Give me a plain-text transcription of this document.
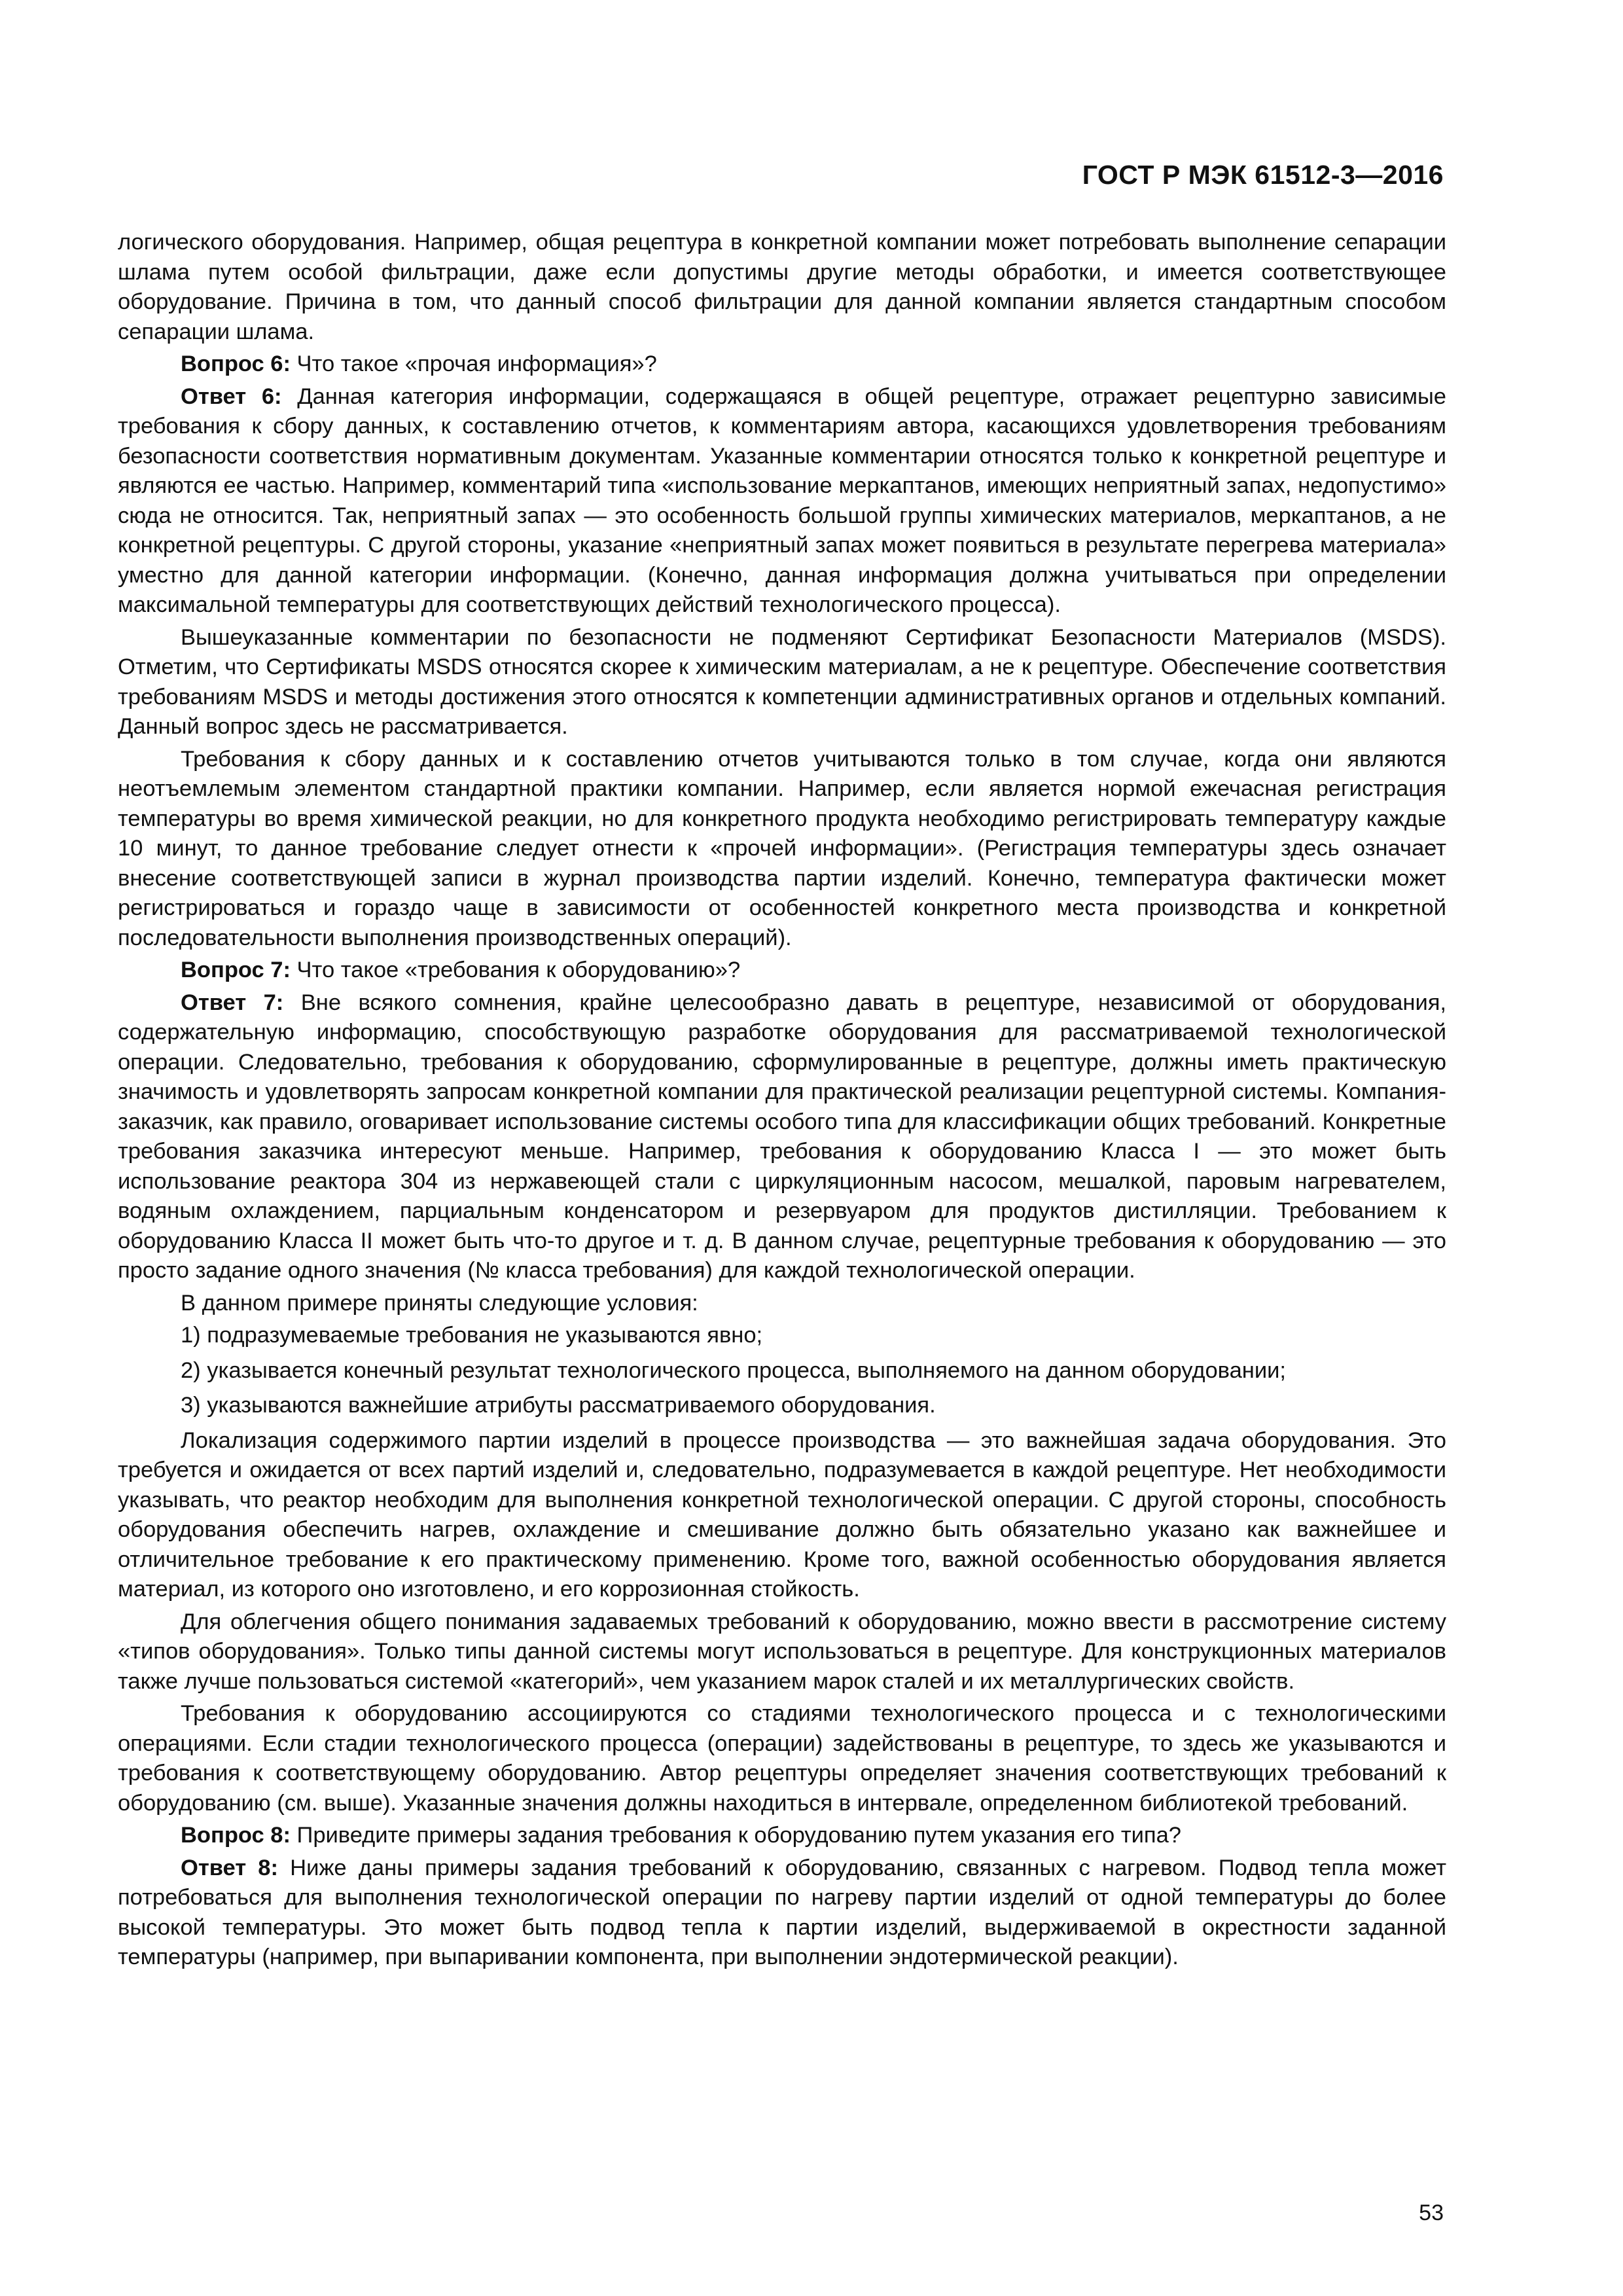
ГОСТ Р МЭК 61512-3—2016

логического оборудования. Например, общая рецептура в конкретной компании может потребовать выполнение сепарации шлама путем особой фильтрации, даже если допустимы другие методы обработки, и имеется соответствующее оборудование. Причина в том, что данный способ фильтрации для данной компании является стандартным способом сепарации шлама.

Вопрос 6: Что такое «прочая информация»?

Ответ 6: Данная категория информации, содержащаяся в общей рецептуре, отражает рецептурно зависимые требования к сбору данных, к составлению отчетов, к комментариям автора, касающихся удовлетворения требованиям безопасности соответствия нормативным документам. Указанные комментарии относятся только к конкретной рецептуре и являются ее частью. Например, комментарий типа «использование меркаптанов, имеющих неприятный запах, недопустимо» сюда не относится. Так, неприятный запах — это особенность большой группы химических материалов, меркаптанов, а не конкретной рецептуры. С другой стороны, указание «неприятный запах может появиться в результате перегрева материала» уместно для данной категории информации. (Конечно, данная информация должна учитываться при определении максимальной температуры для соответствующих действий технологического процесса).

Вышеуказанные комментарии по безопасности не подменяют Сертификат Безопасности Материалов (MSDS). Отметим, что Сертификаты MSDS относятся скорее к химическим материалам, а не к рецептуре. Обеспечение соответствия требованиям MSDS и методы достижения этого относятся к компетенции административных органов и отдельных компаний. Данный вопрос здесь не рассматривается.

Требования к сбору данных и к составлению отчетов учитываются только в том случае, когда они являются неотъемлемым элементом стандартной практики компании. Например, если является нормой ежечасная регистрация температуры во время химической реакции, но для конкретного продукта необходимо регистрировать температуру каждые 10 минут, то данное требование следует отнести к «прочей информации». (Регистрация температуры здесь означает внесение соответствующей записи в журнал производства партии изделий. Конечно, температура фактически может регистрироваться и гораздо чаще в зависимости от особенностей конкретного места производства и конкретной последовательности выполнения производственных операций).

Вопрос 7: Что такое «требования к оборудованию»?

Ответ 7: Вне всякого сомнения, крайне целесообразно давать в рецептуре, независимой от оборудования, содержательную информацию, способствующую разработке оборудования для рассматриваемой технологической операции. Следовательно, требования к оборудованию, сформулированные в рецептуре, должны иметь практическую значимость и удовлетворять запросам конкретной компании для практической реализации рецептурной системы. Компания-заказчик, как правило, оговаривает использование системы особого типа для классификации общих требований. Конкретные требования заказчика интересуют меньше. Например, требования к оборудованию Класса I — это может быть использование реактора 304 из нержавеющей стали с циркуляционным насосом, мешалкой, паровым нагревателем, водяным охлаждением, парциальным конденсатором и резервуаром для продуктов дистилляции. Требованием к оборудованию Класса II может быть что-то другое и т. д. В данном случае, рецептурные требования к оборудованию — это просто задание одного значения (№ класса требования) для каждой технологической операции.

В данном примере приняты следующие условия:

1) подразумеваемые требования не указываются явно;

2) указывается конечный результат технологического процесса, выполняемого на данном оборудовании;

3) указываются важнейшие атрибуты рассматриваемого оборудования.

Локализация содержимого партии изделий в процессе производства — это важнейшая задача оборудования. Это требуется и ожидается от всех партий изделий и, следовательно, подразумевается в каждой рецептуре. Нет необходимости указывать, что реактор необходим для выполнения конкретной технологической операции. С другой стороны, способность оборудования обеспечить нагрев, охлаждение и смешивание должно быть обязательно указано как важнейшее и отличительное требование к его практическому применению. Кроме того, важной особенностью оборудования является материал, из которого оно изготовлено, и его коррозионная стойкость.

Для облегчения общего понимания задаваемых требований к оборудованию, можно ввести в рассмотрение систему «типов оборудования». Только типы данной системы могут использоваться в рецептуре. Для конструкционных материалов также лучше пользоваться системой «категорий», чем указанием марок сталей и их металлургических свойств.

Требования к оборудованию ассоциируются со стадиями технологического процесса и с технологическими операциями. Если стадии технологического процесса (операции) задействованы в рецептуре, то здесь же указываются и требования к соответствующему оборудованию. Автор рецептуры определяет значения соответствующих требований к оборудованию (см. выше). Указанные значения должны находиться в интервале, определенном библиотекой требований.

Вопрос 8: Приведите примеры задания требования к оборудованию путем указания его типа?

Ответ 8: Ниже даны примеры задания требований к оборудованию, связанных с нагревом. Подвод тепла может потребоваться для выполнения технологической операции по нагреву партии изделий от одной температуры до более высокой температуры. Это может быть подвод тепла к партии изделий, выдерживаемой в окрестности заданной температуры (например, при выпаривании компонента, при выполнении эндотермической реакции).

53
